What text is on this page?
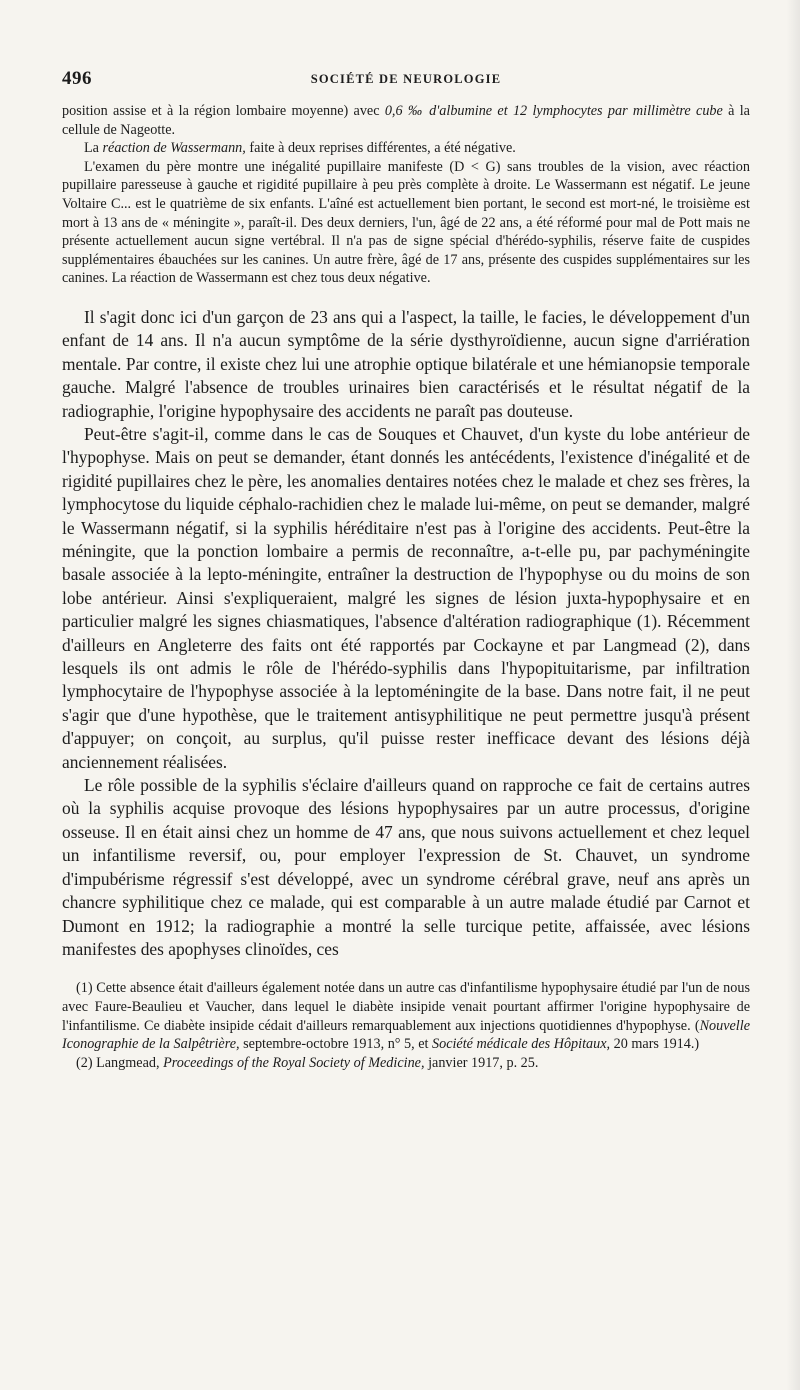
496	SOCIÉTÉ DE NEUROLOGIE

position assise et à la région lombaire moyenne) avec 0,6 ‰ d'albumine et 12 lymphocytes par millimètre cube à la cellule de Nageotte.

La réaction de Wassermann, faite à deux reprises différentes, a été négative.

L'examen du père montre une inégalité pupillaire manifeste (D < G) sans troubles de la vision, avec réaction pupillaire paresseuse à gauche et rigidité pupillaire à peu près complète à droite. Le Wassermann est négatif. Le jeune Voltaire C... est le quatrième de six enfants. L'aîné est actuellement bien portant, le second est mort-né, le troisième est mort à 13 ans de « méningite », paraît-il. Des deux derniers, l'un, âgé de 22 ans, a été réformé pour mal de Pott mais ne présente actuellement aucun signe vertébral. Il n'a pas de signe spécial d'hérédo-syphilis, réserve faite de cuspides supplémentaires ébauchées sur les canines. Un autre frère, âgé de 17 ans, présente des cuspides supplémentaires sur les canines. La réaction de Wassermann est chez tous deux négative.

Il s'agit donc ici d'un garçon de 23 ans qui a l'aspect, la taille, le facies, le développement d'un enfant de 14 ans. Il n'a aucun symptôme de la série dysthyroïdienne, aucun signe d'arriération mentale. Par contre, il existe chez lui une atrophie optique bilatérale et une hémianopsie temporale gauche. Malgré l'absence de troubles urinaires bien caractérisés et le résultat négatif de la radiographie, l'origine hypophysaire des accidents ne paraît pas douteuse.

Peut-être s'agit-il, comme dans le cas de Souques et Chauvet, d'un kyste du lobe antérieur de l'hypophyse. Mais on peut se demander, étant donnés les antécédents, l'existence d'inégalité et de rigidité pupillaires chez le père, les anomalies dentaires notées chez le malade et chez ses frères, la lymphocytose du liquide céphalo-rachidien chez le malade lui-même, on peut se demander, malgré le Wassermann négatif, si la syphilis héréditaire n'est pas à l'origine des accidents. Peut-être la méningite, que la ponction lombaire a permis de reconnaître, a-t-elle pu, par pachyméningite basale associée à la lepto-méningite, entraîner la destruction de l'hypophyse ou du moins de son lobe antérieur. Ainsi s'expliqueraient, malgré les signes de lésion juxta-hypophysaire et en particulier malgré les signes chiasmatiques, l'absence d'altération radiographique (1). Récemment d'ailleurs en Angleterre des faits ont été rapportés par Cockayne et par Langmead (2), dans lesquels ils ont admis le rôle de l'hérédo-syphilis dans l'hypopituitarisme, par infiltration lymphocytaire de l'hypophyse associée à la leptoméningite de la base. Dans notre fait, il ne peut s'agir que d'une hypothèse, que le traitement antisyphilitique ne peut permettre jusqu'à présent d'appuyer; on conçoit, au surplus, qu'il puisse rester inefficace devant des lésions déjà anciennement réalisées.

Le rôle possible de la syphilis s'éclaire d'ailleurs quand on rapproche ce fait de certains autres où la syphilis acquise provoque des lésions hypophysaires par un autre processus, d'origine osseuse. Il en était ainsi chez un homme de 47 ans, que nous suivons actuellement et chez lequel un infantilisme reversif, ou, pour employer l'expression de St. Chauvet, un syndrome d'impubérisme régressif s'est développé, avec un syndrome cérébral grave, neuf ans après un chancre syphilitique chez ce malade, qui est comparable à un autre malade étudié par Carnot et Dumont en 1912; la radiographie a montré la selle turcique petite, affaissée, avec lésions manifestes des apophyses clinoïdes, ces

(1) Cette absence était d'ailleurs également notée dans un autre cas d'infantilisme hypophysaire étudié par l'un de nous avec Faure-Beaulieu et Vaucher, dans lequel le diabète insipide venait pourtant affirmer l'origine hypophysaire de l'infantilisme. Ce diabète insipide cédait d'ailleurs remarquablement aux injections quotidiennes d'hypophyse. (Nouvelle Iconographie de la Salpêtrière, septembre-octobre 1913, n° 5, et Société médicale des Hôpitaux, 20 mars 1914.)

(2) Langmead, Proceedings of the Royal Society of Medicine, janvier 1917, p. 25.
